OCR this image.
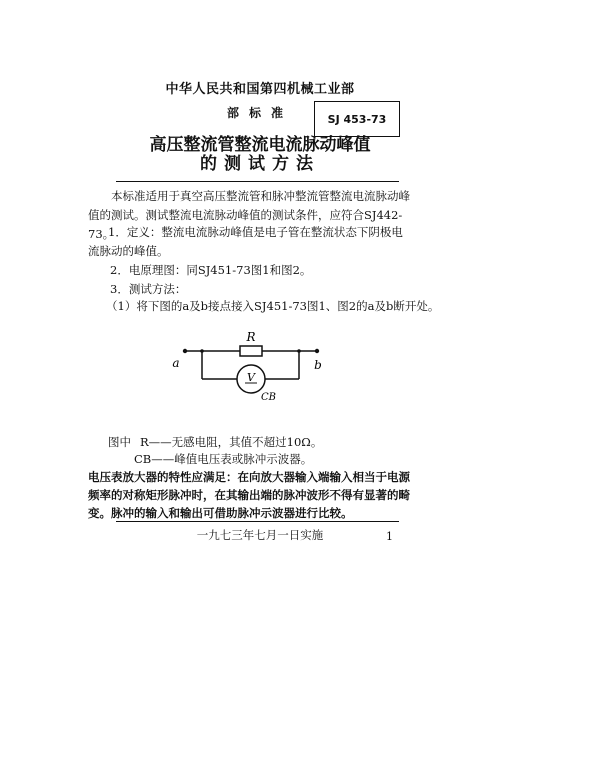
中华人民共和国第四机械工业部
部标准	SJ 453-73
高压整流管整流电流脉动峰值
的测试方法
本标准适用于真空高压整流管和脉冲整流管整流电流脉动峰值的测试。测试整流电流脉动峰值的测试条件，应符合SJ442-73。
1．定义：整流电流脉动峰值是电子管在整流状态下阴极电流脉动的峰值。
2．电原理图：同SJ451-73图1和图2。
3．测试方法：
（1）将下图的a及b接点接入SJ451-73图1、图2的a及b断开处。
R
a	b
V
CB
图中 R——无感电阻，其值不超过10Ω。
CB——峰值电压表或脉冲示波器。
电压表放大器的特性应满足：在向放大器输入端输入相当于电源频率的对称矩形脉冲时，在其输出端的脉冲波形不得有显著的畸变。脉冲的输入和输出可借助脉冲示波器进行比较。
一九七三年七月一日实施	1
